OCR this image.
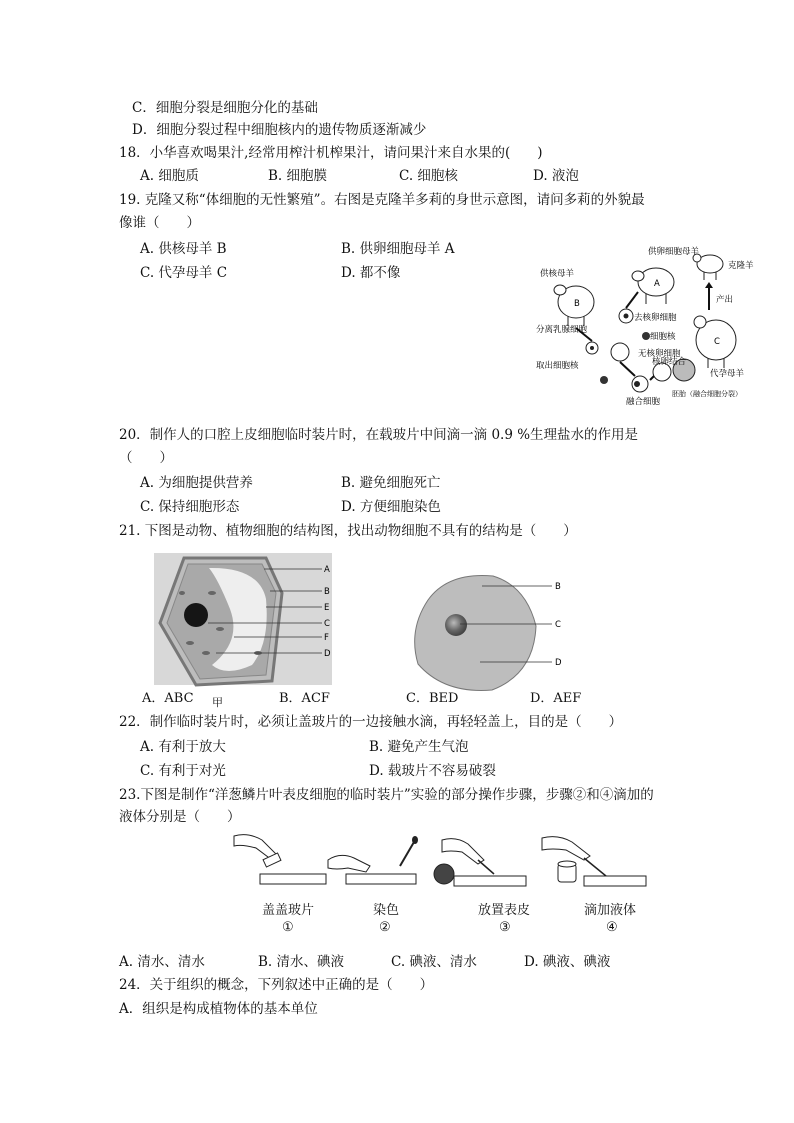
C．细胞分裂是细胞分化的基础
D．细胞分裂过程中细胞核内的遗传物质逐渐减少
18．小华喜欢喝果汁,经常用榨汁机榨果汁，请问果汁来自水果的(　　)
A. 细胞质	B. 细胞膜	C. 细胞核	D. 液泡
19. 克隆又称“体细胞的无性繁殖”。右图是克隆羊多莉的身世示意图，请问多莉的外貌最
像谁（　　）
A. 供核母羊 B	B. 供卵细胞母羊 A
C. 代孕母羊 C	D. 都不像
供卵细胞母羊
供核母羊
克隆羊
A
B
C
去核卵细胞
细胞核
无核卵细胞
分离乳腺细胞
取出细胞核	核卵结合
融合细胞
胚胎（融合细胞分裂）
代孕母羊
产出
20．制作人的口腔上皮细胞临时装片时，在载玻片中间滴一滴 0.9 %生理盐水的作用是
（　　）
A. 为细胞提供营养	B. 避免细胞死亡
C. 保持细胞形态	D. 方便细胞染色
21. 下图是动物、植物细胞的结构图，找出动物细胞不具有的结构是（　　）
A
B
E
C
F
D
甲
B
C
D
A．ABC	B．ACF	C．BED	D．AEF
22．制作临时装片时，必须让盖玻片的一边接触水滴，再轻轻盖上，目的是（　　）
A. 有利于放大	B. 避免产生气泡
C. 有利于对光	D. 载玻片不容易破裂
23.下图是制作“洋葱鳞片叶表皮细胞的临时装片”实验的部分操作步骤，步骤②和④滴加的
液体分别是（　　）
盖盖玻片	染色	放置表皮	滴加液体
①	②	③	④
A. 清水、清水	B. 清水、碘液	C. 碘液、清水	D. 碘液、碘液
24．关于组织的概念，下列叙述中正确的是（　　）
A．组织是构成植物体的基本单位
